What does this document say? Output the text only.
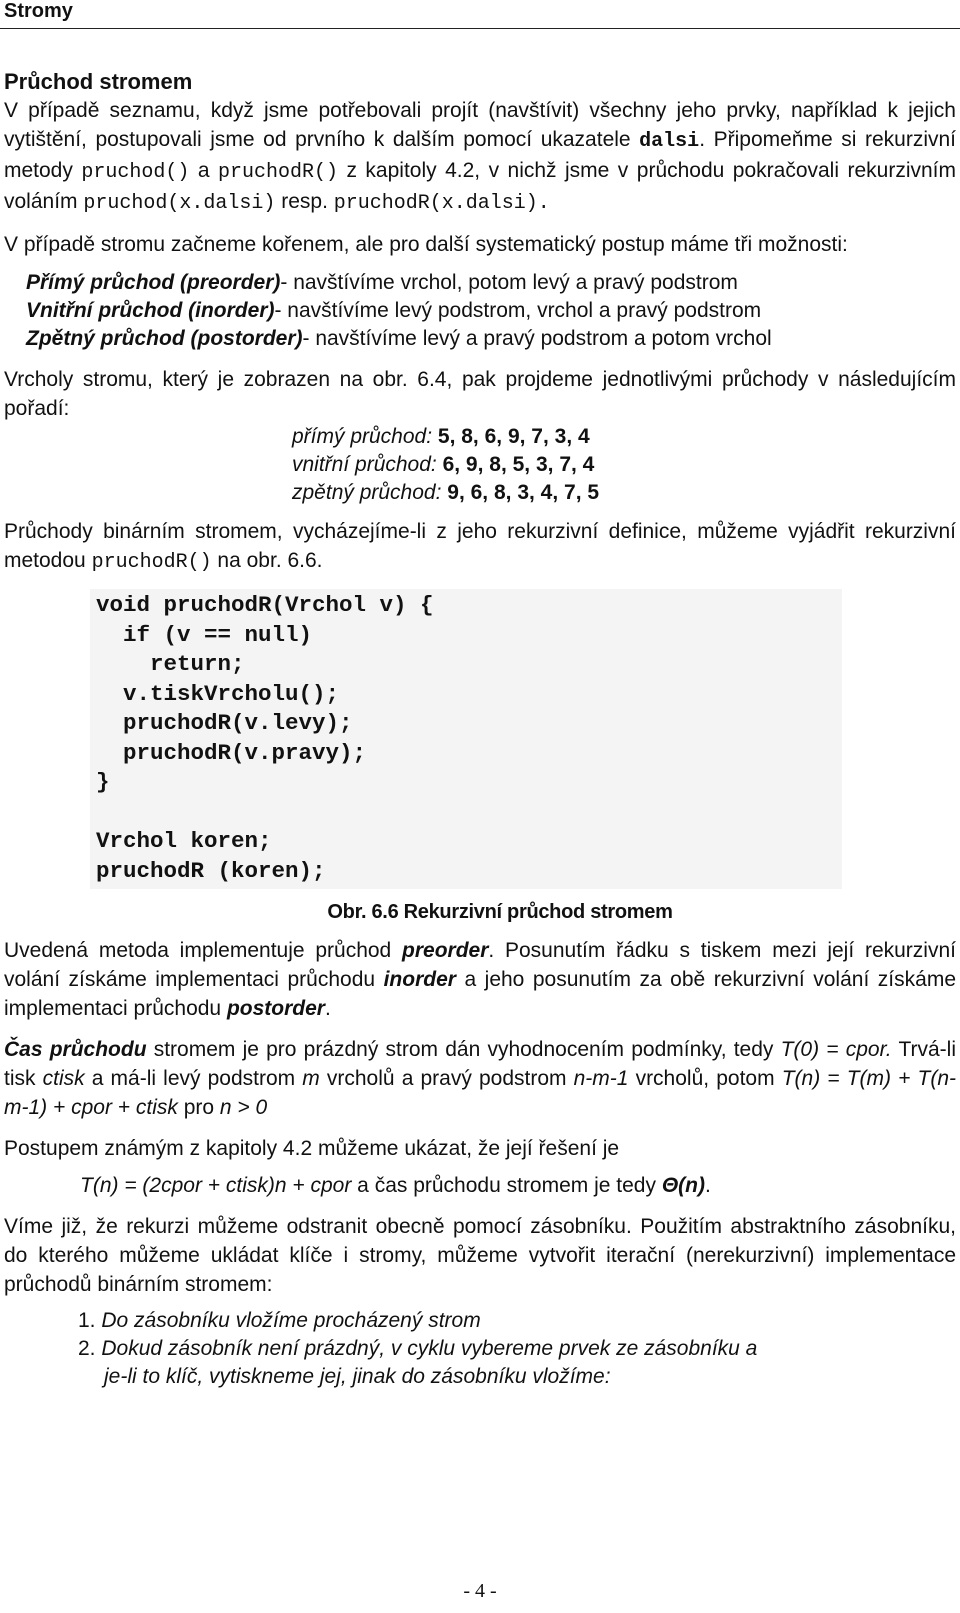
Stromy
Průchod stromem

V případě seznamu, když jsme potřebovali projít (navštívit) všechny jeho prvky, například k jejich vytištění, postupovali jsme od prvního k dalším pomocí ukazatele dalsi. Připomeňme si rekurzivní metody pruchod() a pruchodR() z kapitoly 4.2, v nichž jsme v průchodu pokračovali rekurzivním voláním pruchod(x.dalsi) resp. pruchodR(x.dalsi).

V případě stromu začneme kořenem, ale pro další systematický postup máme tři možnosti:

Přímý průchod (preorder)- navštívíme vrchol, potom levý a pravý podstrom

Vnitřní průchod (inorder)- navštívíme levý podstrom, vrchol a pravý podstrom

Zpětný průchod (postorder)- navštívíme levý a pravý podstrom a potom vrchol

Vrcholy stromu, který je zobrazen na obr. 6.4, pak projdeme jednotlivými průchody v následujícím pořadí:

přímý průchod: 5, 8, 6, 9, 7, 3, 4

vnitřní průchod: 6, 9, 8, 5, 3, 7, 4

zpětný průchod: 9, 6, 8, 3, 4, 7, 5

Průchody binárním stromem, vycházejíme-li z jeho rekurzivní definice, můžeme vyjádřit rekurzivní metodou pruchodR() na obr. 6.6.

void pruchodR(Vrchol v) {
if (v == null)
return;
v.tiskVrcholu();
pruchodR(v.levy);
pruchodR(v.pravy);
}

Vrchol koren;
pruchodR (koren);
Obr. 6.6 Rekurzivní průchod stromem

Uvedená metoda implementuje průchod preorder. Posunutím řádku s tiskem mezi její rekurzivní volání získáme implementaci průchodu inorder a jeho posunutím za obě rekurzivní volání získáme implementaci průchodu postorder.

Čas průchodu stromem je pro prázdný strom dán vyhodnocením podmínky, tedy T(0) = cpor. Trvá-li tisk ctisk a má-li levý podstrom m vrcholů a pravý podstrom n-m-1 vrcholů, potom T(n) = T(m) + T(n-m-1) + cpor + ctisk pro n > 0

Postupem známým z kapitoly 4.2 můžeme ukázat, že její řešení je

T(n) = (2cpor + ctisk)n + cpor a čas průchodu stromem je tedy Θ(n).

Víme již, že rekurzi můžeme odstranit obecně pomocí zásobníku. Použitím abstraktního zásobníku, do kterého můžeme ukládat klíče i stromy, můžeme vytvořit iterační (nerekurzivní) implementace průchodů binárním stromem:

1. Do zásobníku vložíme procházený strom

2. Dokud zásobník není prázdný, v cyklu vybereme prvek ze zásobníku a

je-li to klíč, vytiskneme jej, jinak do zásobníku vložíme:

- 4 -
